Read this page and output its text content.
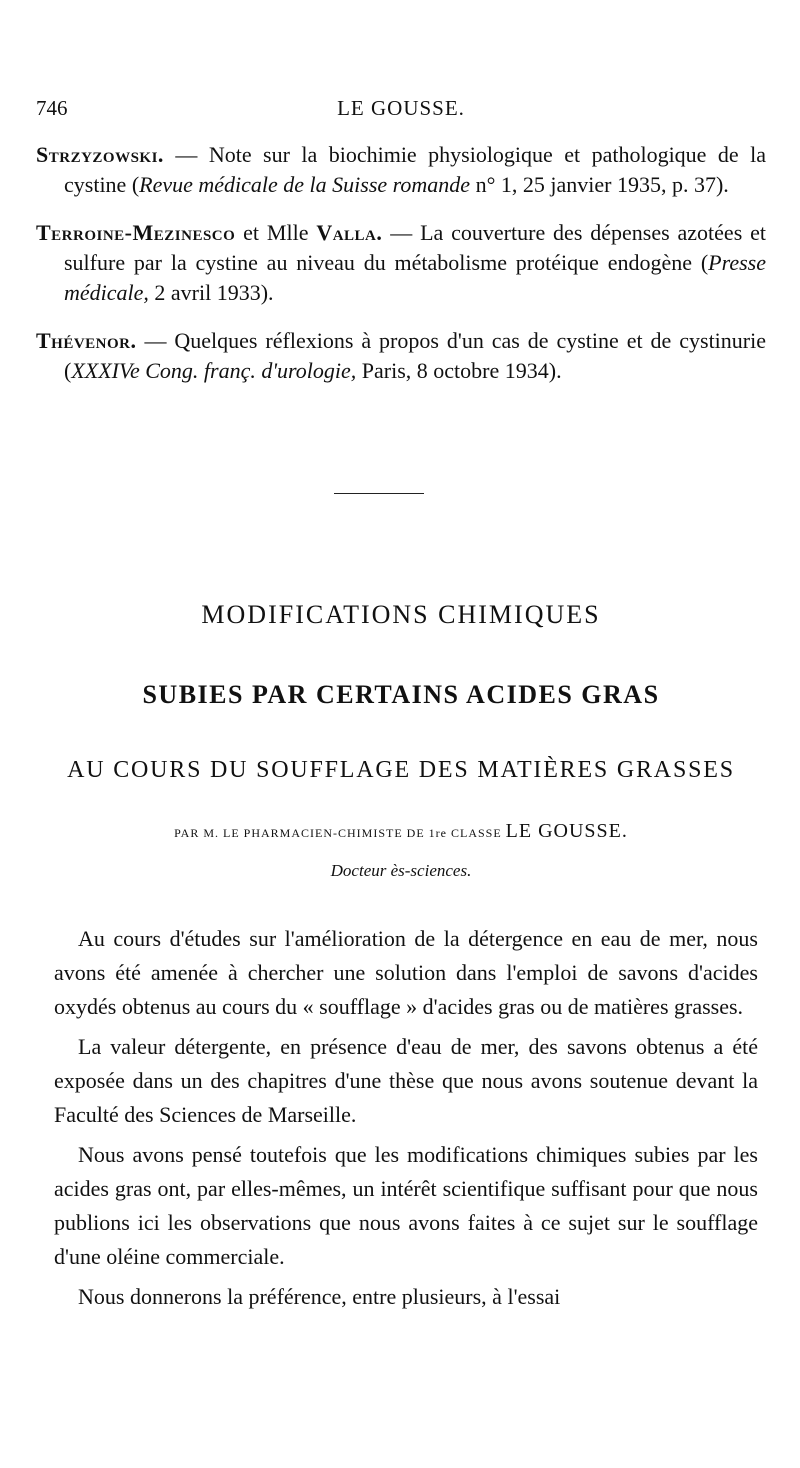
746	LE GOUSSE.

Strzyzowski. — Note sur la biochimie physiologique et pathologique de la cystine (Revue médicale de la Suisse romande n° 1, 25 janvier 1935, p. 37).

Terroine-Mezinesco et Mlle Valla. — La couverture des dépenses azotées et sulfure par la cystine au niveau du métabolisme protéique endogène (Presse médicale, 2 avril 1933).

Thévenor. — Quelques réflexions à propos d'un cas de cystine et de cystinurie (XXXIVe Cong. franç. d'urologie, Paris, 8 octobre 1934).

MODIFICATIONS CHIMIQUES
SUBIES PAR CERTAINS ACIDES GRAS
AU COURS DU SOUFFLAGE DES MATIÈRES GRASSES
PAR M. LE PHARMACIEN-CHIMISTE DE 1re CLASSE LE GOUSSE.
Docteur ès-sciences.

Au cours d'études sur l'amélioration de la détergence en eau de mer, nous avons été amenée à chercher une solution dans l'emploi de savons d'acides oxydés obtenus au cours du « soufflage » d'acides gras ou de matières grasses.

La valeur détergente, en présence d'eau de mer, des savons obtenus a été exposée dans un des chapitres d'une thèse que nous avons soutenue devant la Faculté des Sciences de Marseille.

Nous avons pensé toutefois que les modifications chimiques subies par les acides gras ont, par elles-mêmes, un intérêt scientifique suffisant pour que nous publions ici les observations que nous avons faites à ce sujet sur le soufflage d'une oléine commerciale.

Nous donnerons la préférence, entre plusieurs, à l'essai
